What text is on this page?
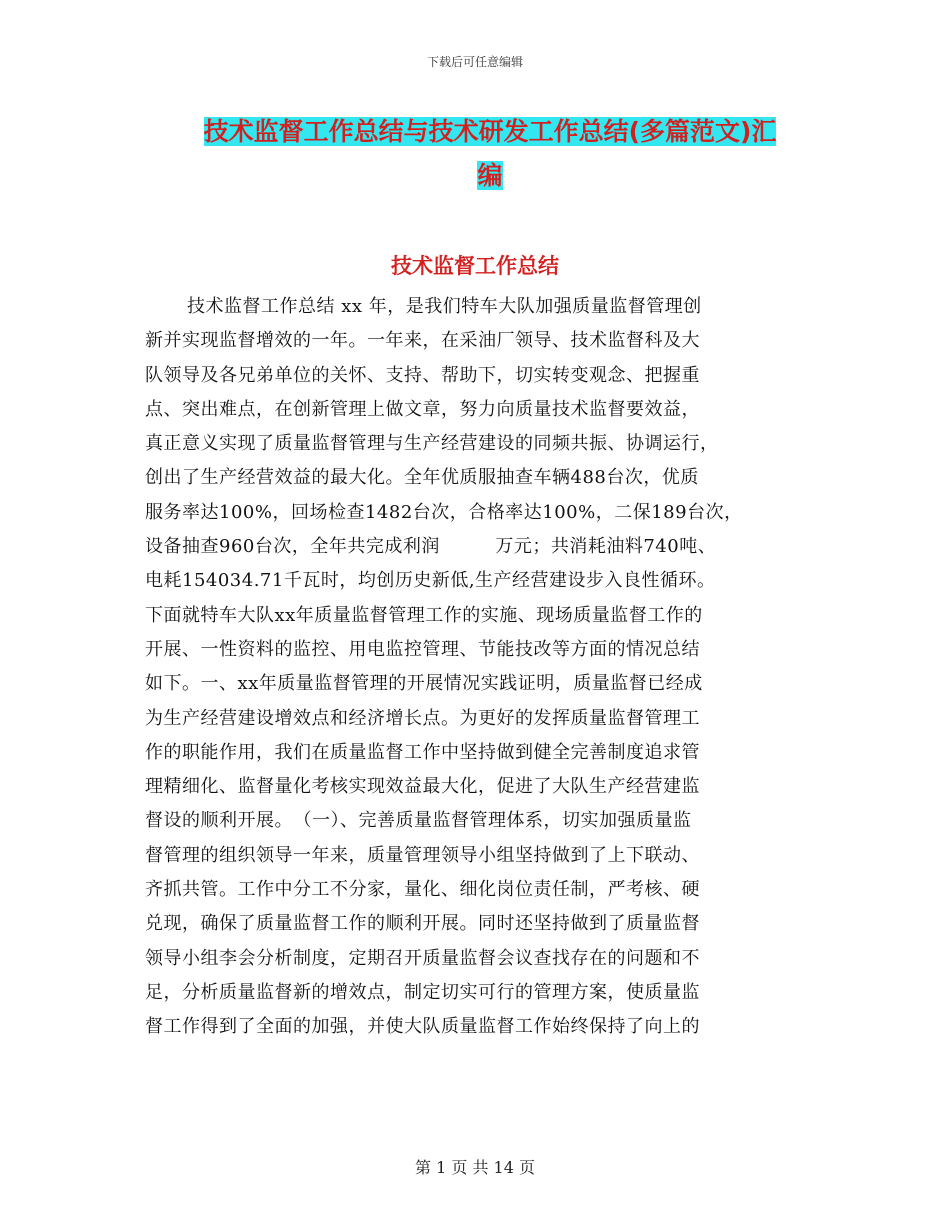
下载后可任意编辑
技术监督工作总结与技术研发工作总结(多篇范文)汇
编
技术监督工作总结
技术监督工作总结 xx 年，是我们特车大队加强质量监督管理创
新并实现监督增效的一年。一年来，在采油厂领导、技术监督科及大
队领导及各兄弟单位的关怀、支持、帮助下，切实转变观念、把握重
点、突出难点，在创新管理上做文章，努力向质量技术监督要效益，
真正意义实现了质量监督管理与生产经营建设的同频共振、协调运行，
创出了生产经营效益的最大化。全年优质服抽查车辆488台次，优质
服务率达100%，回场检查1482台次，合格率达100%，二保189台次，
设备抽查960台次，全年共完成利润　　　万元；共消耗油料740吨、
电耗154034.71千瓦时，均创历史新低,生产经营建设步入良性循环。
下面就特车大队xx年质量监督管理工作的实施、现场质量监督工作的
开展、一性资料的监控、用电监控管理、节能技改等方面的情况总结
如下。一、xx年质量监督管理的开展情况实践证明，质量监督已经成
为生产经营建设增效点和经济增长点。为更好的发挥质量监督管理工
作的职能作用，我们在质量监督工作中坚持做到健全完善制度追求管
理精细化、监督量化考核实现效益最大化，促进了大队生产经营建监
督设的顺利开展。　（一）、完善质量监督管理体系，切实加强质量监
督管理的组织领导一年来，质量管理领导小组坚持做到了上下联动、
齐抓共管。工作中分工不分家，量化、细化岗位责任制，严考核、硬
兑现，确保了质量监督工作的顺利开展。同时还坚持做到了质量监督
领导小组李会分析制度，定期召开质量监督会议查找存在的问题和不
足，分析质量监督新的增效点，制定切实可行的管理方案，使质量监
督工作得到了全面的加强，并使大队质量监督工作始终保持了向上的
第 1 页 共 14 页
